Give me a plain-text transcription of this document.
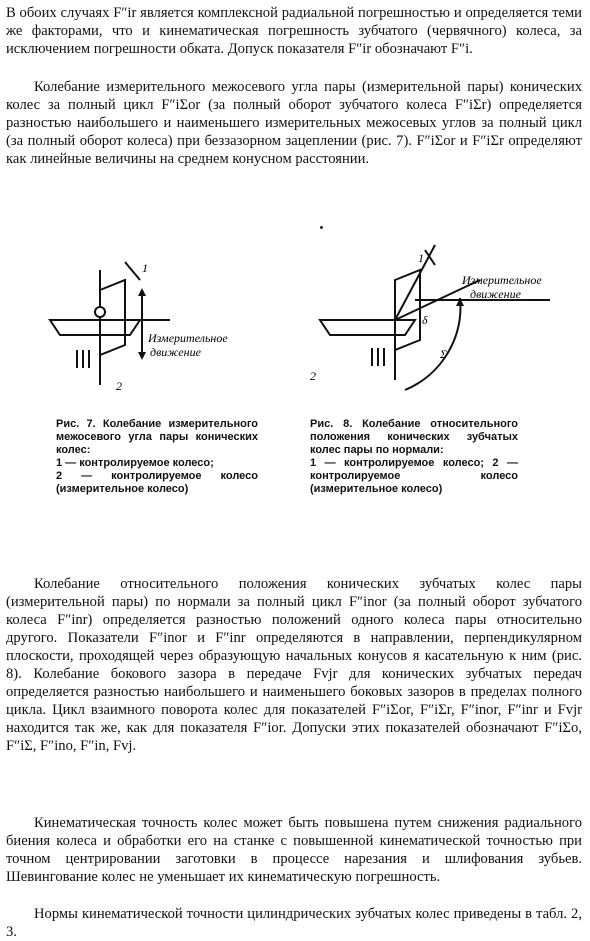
В обоих случаях F″ir является комплексной радиальной погрешностью и определяется теми же факторами, что и кинематическая погрешность зубчатого (червячного) колеса, за исключением погрешности обката. Допуск показателя F″ir обозначают F″i.

Колебание измерительного межосевого угла пары (измерительной пары) конических колес за полный цикл F″iΣor (за полный оборот зубчатого колеса F″iΣr) определяется разностью наибольшего и наименьшего измерительных межосевых углов за полный цикл (за полный оборот колеса) при беззазорном зацеплении (рис. 7). F″iΣor и F″iΣr определяют как линейные величины на среднем конусном расстоянии.

1
2
Измерительное
движение
1
2
Измерительное
движение
δ
Σ
Рис. 7. Колебание измерительного межосевого угла пары конических колес:
1 — контролируемое колесо;
2 — контролируемое колесо (измерительное колесо)
Рис. 8. Колебание относительного положения конических зубчатых колес пары по нормали:
1 — контролируемое колесо; 2 — контролируемое колесо (измерительное колесо)

Колебание относительного положения конических зубчатых колес пары (измерительной пары) по нормали за полный цикл F″inor (за полный оборот зубчатого колеса F″inr) определяется разностью положений одного колеса пары относительно другого. Показатели F″inor и F″inr определяются в направлении, перпендикулярном плоскости, проходящей через образующую начальных конусов я касательную к ним (рис. 8). Колебание бокового зазора в передаче Fvjr для конических зубчатых передач определяется разностью наибольшего и наименьшего боковых зазоров в пределах полного цикла. Цикл взаимного поворота колес для показателей F″iΣor, F″iΣr, F″inor, F″inr и Fvjr находится так же, как для показателя F″ior. Допуски этих показателей обозначают F″iΣo, F″iΣ, F″ino, F″in, Fvj.

Кинематическая точность колес может быть повышена путем снижения радиального биения колеса и обработки его на станке с повышенной кинематической точностью при точном центрировании заготовки в процессе нарезания и шлифования зубьев. Шевингование колес не уменьшает их кинематическую погрешность.

Нормы кинематической точности цилиндрических зубчатых колес приведены в табл. 2, 3.
